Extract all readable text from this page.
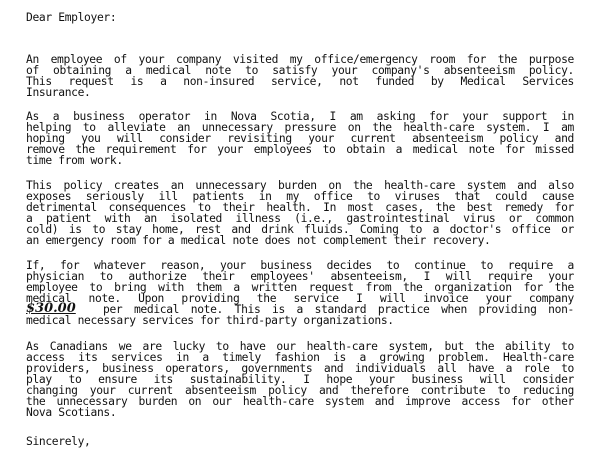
Dear Employer:
An employee of your company visited my office/emergency room for the purpose
of obtaining a medical note to satisfy your company's absenteeism policy.
This request is a non-insured service, not funded by Medical Services
Insurance.
As a business operator in Nova Scotia, I am asking for your support in
helping to alleviate an unnecessary pressure on the health-care system. I am
hoping you will consider revisiting your current absenteeism policy and
remove the requirement for your employees to obtain a medical note for missed
time from work.
This policy creates an unnecessary burden on the health-care system and also
exposes seriously ill patients in my office to viruses that could cause
detrimental consequences to their health. In most cases, the best remedy for
a patient with an isolated illness (i.e., gastrointestinal virus or common
cold) is to stay home, rest and drink fluids. Coming to a doctor's office or
an emergency room for a medical note does not complement their recovery.
If, for whatever reason, your business decides to continue to require a
physician to authorize their employees' absenteeism, I will require your
employee to bring with them a written request from the organization for the
medical note. Upon providing the service I will invoice your company
$30.00	per medical note. This is a standard practice when providing non-
medical necessary services for third-party organizations.
As Canadians we are lucky to have our health-care system, but the ability to
access its services in a timely fashion is a growing problem. Health-care
providers, business operators, governments and individuals all have a role to
play to ensure its sustainability. I hope your business will consider
changing your current absenteeism policy and therefore contribute to reducing
the unnecessary burden on our health-care system and improve access for other
Nova Scotians.
Sincerely,
